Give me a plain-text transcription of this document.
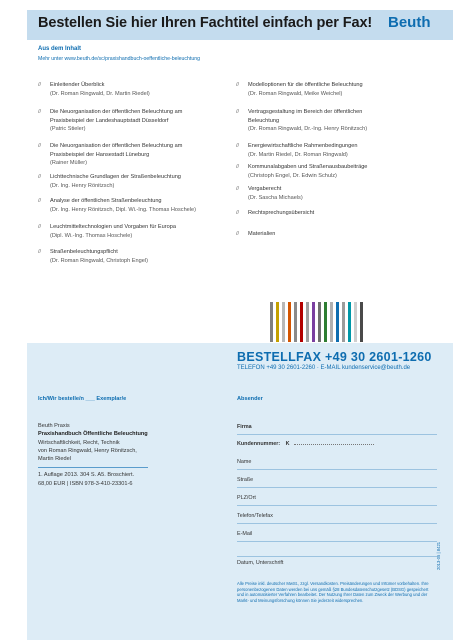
Bestellen Sie hier Ihren Fachtitel einfach per Fax! Beuth
Aus dem Inhalt
Mehr unter www.beuth.de/sc/praxishandbuch-oeffentliche-beleuchtung
//	Einleitender Überblick
(Dr. Roman Ringwald, Dr. Martin Riedel)
//	Die Neuorganisation der öffentlichen Beleuchtung am
Praxisbeispiel der Landeshauptstadt Düsseldorf
(Patric Stieler)
//	Die Neuorganisation der öffentlichen Beleuchtung am
Praxisbeispiel der Hansestadt Lüneburg
(Rainer Müller)
//	Lichttechnische Grundlagen der Straßenbeleuchtung
(Dr. Ing. Henry Rönitzsch)
//	Analyse der öffentlichen Straßenbeleuchtung
(Dr. Ing. Henry Rönitzsch, Dipl. Wi.-Ing. Thomas Hoschele)
//	Leuchtmitteltechnologien und Vorgaben für Europa
(Dipl. Wi.-Ing. Thomas Hoschele)
//	Straßenbeleuchtungspflicht
(Dr. Roman Ringwald, Christoph Engel)
//	Modelloptionen für die öffentliche Beleuchtung
(Dr. Roman Ringwald, Meike Weichel)
//	Vertragsgestaltung im Bereich der öffentlichen
Beleuchtung
(Dr. Roman Ringwald, Dr.-Ing. Henry Rönitzsch)
//	Energiewirtschaftliche Rahmenbedingungen
(Dr. Martin Riedel, Dr. Roman Ringwald)
//	Kommunalabgaben und Straßenausbaubeiträge
(Christoph Engel, Dr. Edwin Schulz)
//	Vergaberecht
(Dr. Sascha Michaels)
//	Rechtsprechungsübersicht
//	Materialien
BESTELLFAX +49 30 2601-1260
TELEFON +49 30 2601-2260 · E-MAIL kundenservice@beuth.de
Ich/Wir bestelle/n ___ Exemplar/e	Absender
Beuth Praxis
Praxishandbuch Öffentliche Beleuchtung
Wirtschaftlichkeit, Recht, Technik
von Roman Ringwald, Henry Rönitzsch,
Martin Riedel
1. Auflage 2013. 304 S. A5. Broschiert.
68,00 EUR | ISBN 978-3-410-23301-6
Firma
Kundennummer: K
Name
Straße
PLZ/Ort
Telefon/Telefax
E-Mail
Datum, Unterschrift
Alle Preise inkl. deutscher MwSt., zzgl. Versandkosten. Preisänderungen und Irrtümer vorbehalten. Ihre personenbezogenen Daten werden bei uns gemäß §28 Bundesdatenschutzgesetz (BDSG) gespeichert und in automatisierter Verfahren bearbeitet. Der Nutzung Ihrer Daten zum Zweck der Werbung und der Markt- und Meinungsforschung können Sie jederzeit widersprechen.
2013-05 | 8421
